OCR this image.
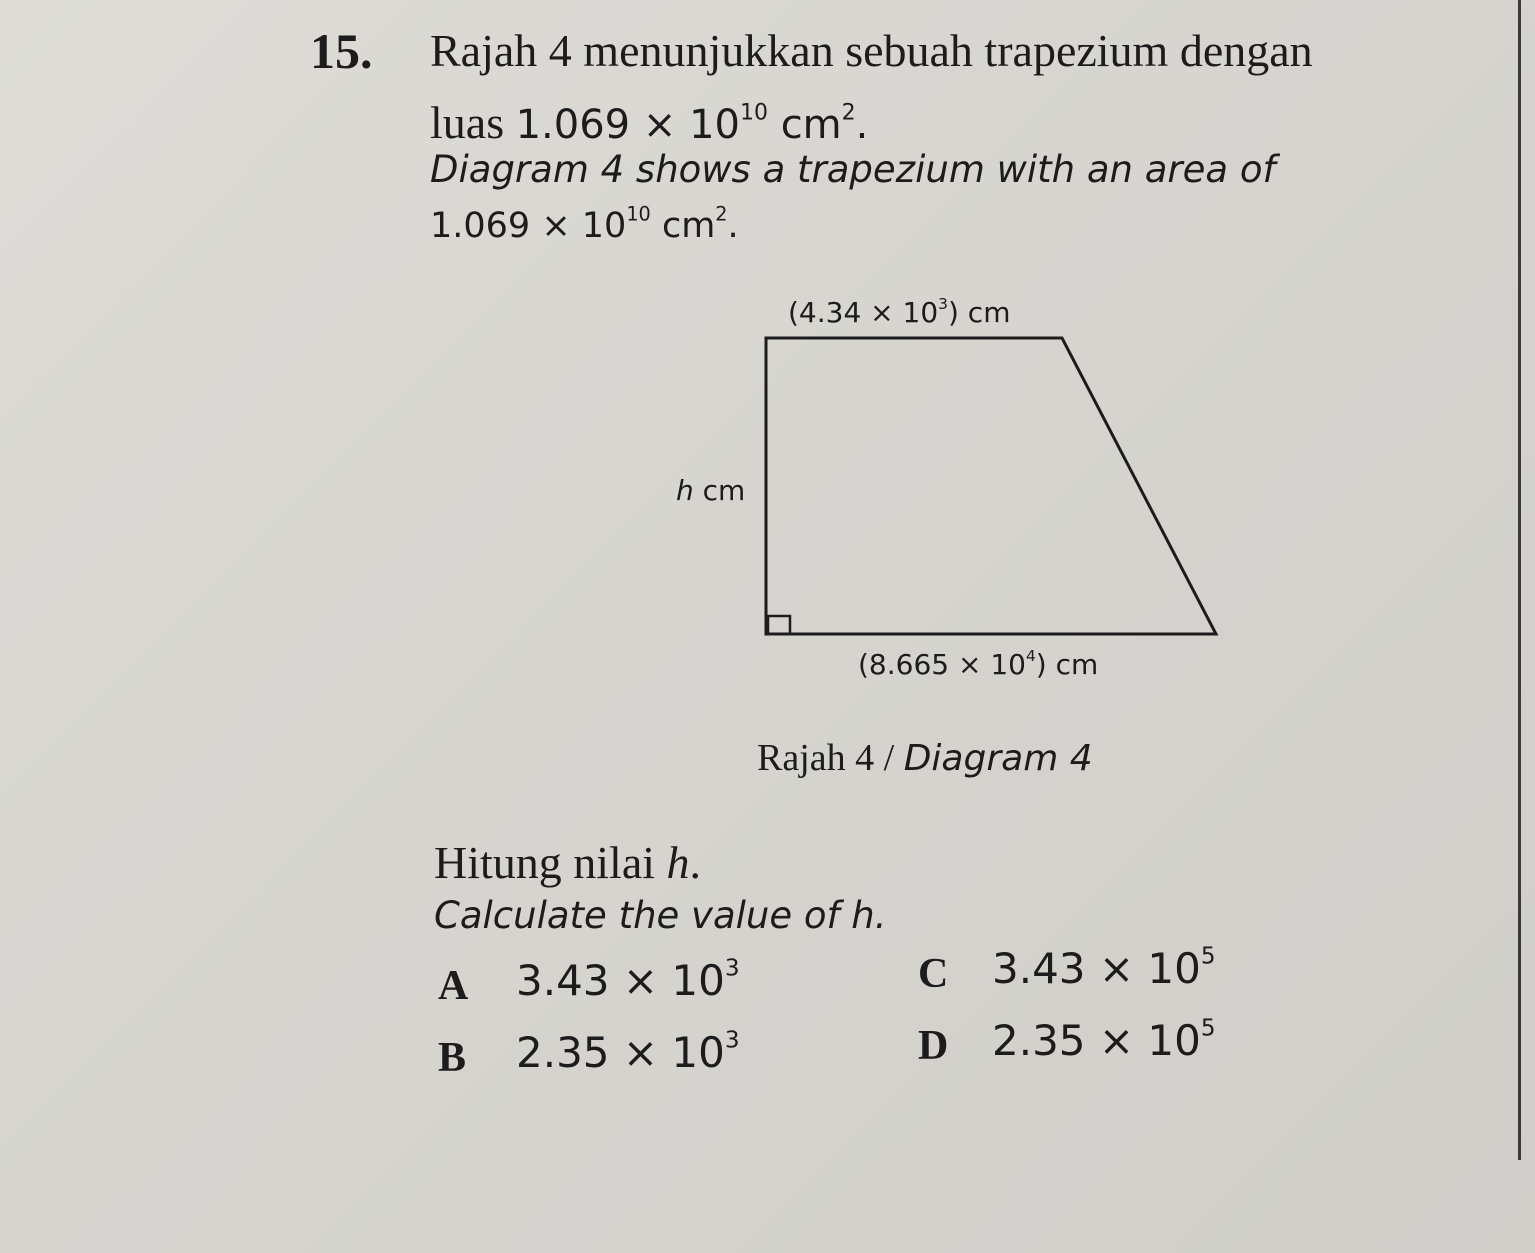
15. Rajah 4 menunjukkan sebuah trapezium dengan
luas $1.069 \times 10^{10}$ $cm^2$.
Diagram 4 shows a trapezium with an area of
$1.069 \times 10^{10}$ $cm^2$.
$(4.34 \times 10^3)$ cm
h cm
$(8.665 \times 10^4)$ cm
Rajah 4 / Diagram 4
Hitung nilai h.
Calculate the value of h.
A $3.43 \times 10^3$
B $2.35 \times 10^3$
C $3.43 \times 10^5$
D $2.35 \times 10^5$
